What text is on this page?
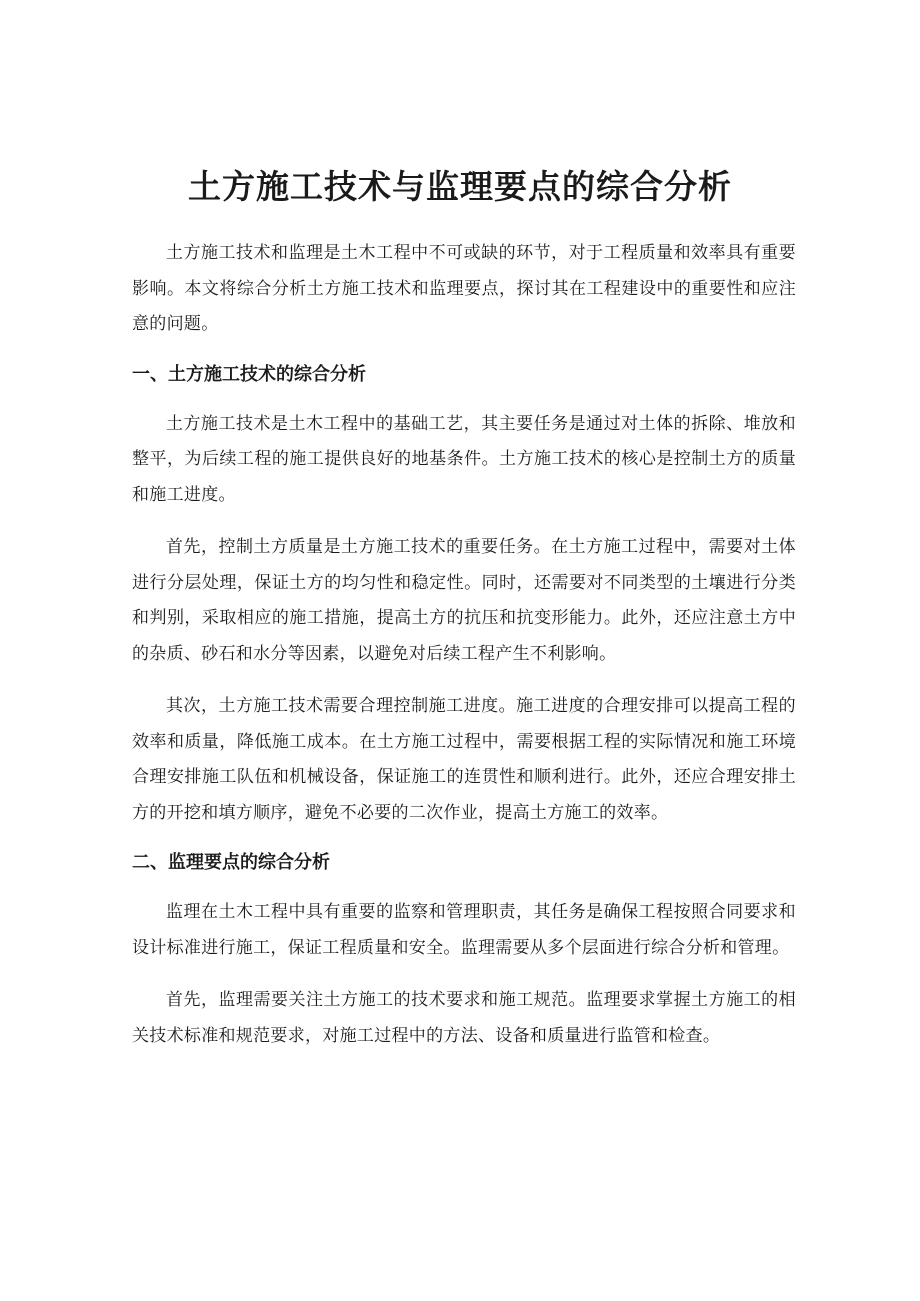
土方施工技术与监理要点的综合分析

土方施工技术和监理是土木工程中不可或缺的环节，对于工程质量和效率具有重要影响。本文将综合分析土方施工技术和监理要点，探讨其在工程建设中的重要性和应注意的问题。

一、土方施工技术的综合分析

土方施工技术是土木工程中的基础工艺，其主要任务是通过对土体的拆除、堆放和整平，为后续工程的施工提供良好的地基条件。土方施工技术的核心是控制土方的质量和施工进度。

首先，控制土方质量是土方施工技术的重要任务。在土方施工过程中，需要对土体进行分层处理，保证土方的均匀性和稳定性。同时，还需要对不同类型的土壤进行分类和判别，采取相应的施工措施，提高土方的抗压和抗变形能力。此外，还应注意土方中的杂质、砂石和水分等因素，以避免对后续工程产生不利影响。

其次，土方施工技术需要合理控制施工进度。施工进度的合理安排可以提高工程的效率和质量，降低施工成本。在土方施工过程中，需要根据工程的实际情况和施工环境合理安排施工队伍和机械设备，保证施工的连贯性和顺利进行。此外，还应合理安排土方的开挖和填方顺序，避免不必要的二次作业，提高土方施工的效率。

二、监理要点的综合分析

监理在土木工程中具有重要的监察和管理职责，其任务是确保工程按照合同要求和设计标准进行施工，保证工程质量和安全。监理需要从多个层面进行综合分析和管理。

首先，监理需要关注土方施工的技术要求和施工规范。监理要求掌握土方施工的相关技术标准和规范要求，对施工过程中的方法、设备和质量进行监管和检查。
